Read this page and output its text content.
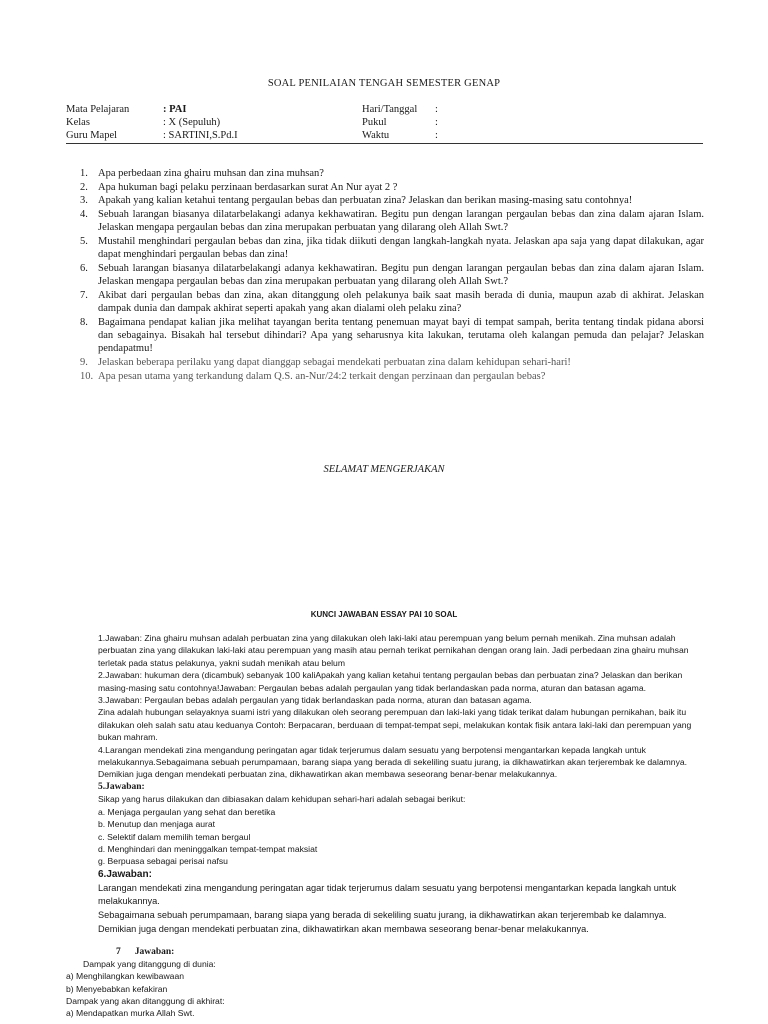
SOAL PENILAIAN TENGAH SEMESTER GENAP
Mata Pelajaran	: PAI	Hari/Tanggal :
Kelas	: X (Sepuluh)	Pukul	:
Guru Mapel	: SARTINI,S.Pd.I	Waktu	:
1. Apa perbedaan zina ghairu muhsan dan zina muhsan?
2. Apa hukuman bagi pelaku perzinaan berdasarkan surat An Nur ayat 2 ?
3. Apakah yang kalian ketahui tentang pergaulan bebas dan perbuatan zina? Jelaskan dan berikan masing-masing satu contohnya!
4. Sebuah larangan biasanya dilatarbelakangi adanya kekhawatiran. Begitu pun dengan larangan pergaulan bebas dan zina dalam ajaran Islam. Jelaskan mengapa pergaulan bebas dan zina merupakan perbuatan yang dilarang oleh Allah Swt.?
5. Mustahil menghindari pergaulan bebas dan zina, jika tidak diikuti dengan langkah-langkah nyata. Jelaskan apa saja yang dapat dilakukan, agar dapat menghindari pergaulan bebas dan zina!
6. Sebuah larangan biasanya dilatarbelakangi adanya kekhawatiran. Begitu pun dengan larangan pergaulan bebas dan zina dalam ajaran Islam. Jelaskan mengapa pergaulan bebas dan zina merupakan perbuatan yang dilarang oleh Allah Swt.?
7. Akibat dari pergaulan bebas dan zina, akan ditanggung oleh pelakunya baik saat masih berada di dunia, maupun azab di akhirat. Jelaskan dampak dunia dan dampak akhirat seperti apakah yang akan dialami oleh pelaku zina?
8. Bagaimana pendapat kalian jika melihat tayangan berita tentang penemuan mayat bayi di tempat sampah, berita tentang tindak pidana aborsi dan sebagainya. Bisakah hal tersebut dihindari? Apa yang seharusnya kita lakukan, terutama oleh kalangan pemuda dan pelajar? Jelaskan pendapatmu!
9. Jelaskan beberapa perilaku yang dapat dianggap sebagai mendekati perbuatan zina dalam kehidupan sehari-hari!
10. Apa pesan utama yang terkandung dalam Q.S. an-Nur/24:2 terkait dengan perzinaan dan pergaulan bebas?
SELAMAT MENGERJAKAN
KUNCI JAWABAN ESSAY PAI 10 SOAL

1.Jawaban: Zina ghairu muhsan adalah perbuatan zina yang dilakukan oleh laki-laki atau perempuan yang belum pernah menikah. Zina muhsan adalah perbuatan zina yang dilakukan laki-laki atau perempuan yang masih atau pernah terikat pernikahan dengan orang lain. Jadi perbedaan zina ghairu muhsan terletak pada status pelakunya, yakni sudah menikah atau belum

2.Jawaban: hukuman dera (dicambuk) sebanyak 100 kaliApakah yang kalian ketahui tentang pergaulan bebas dan perbuatan zina? Jelaskan dan berikan masing-masing satu contohnya!Jawaban: Pergaulan bebas adalah pergaulan yang tidak berlandaskan pada norma, aturan dan batasan agama.

3.Jawaban: Pergaulan bebas adalah pergaulan yang tidak berlandaskan pada norma, aturan dan batasan agama.

Zina adalah hubungan selayaknya suami istri yang dilakukan oleh seorang perempuan dan laki-laki yang tidak terikat dalam hubungan pernikahan, baik itu dilakukan oleh salah satu atau keduanya Contoh: Berpacaran, berduaan di tempat-tempat sepi, melakukan kontak fisik antara laki-laki dan perempuan yang bukan mahram.

4.Larangan mendekati zina mengandung peringatan agar tidak terjerumus dalam sesuatu yang berpotensi mengantarkan kepada langkah untuk melakukannya.Sebagaimana sebuah perumpamaan, barang siapa yang berada di sekeliling suatu jurang, ia dikhawatirkan akan terjerembak ke dalamnya. Demikian juga dengan mendekati perbuatan zina, dikhawatirkan akan membawa seseorang benar-benar melakukannya.

5.Jawaban:

Sikap yang harus dilakukan dan dibiasakan dalam kehidupan sehari-hari adalah sebagai berikut:

a. Menjaga pergaulan yang sehat dan beretika

b. Menutup dan menjaga aurat

c. Selektif dalam memilih teman bergaul

d. Menghindari dan meninggalkan tempat-tempat maksiat

g. Berpuasa sebagai perisai nafsu

6.Jawaban:

Larangan mendekati zina mengandung peringatan agar tidak terjerumus dalam sesuatu yang berpotensi mengantarkan kepada langkah untuk melakukannya.

Sebagaimana sebuah perumpamaan, barang siapa yang berada di sekeliling suatu jurang, ia dikhawatirkan akan terjerembab ke dalamnya. Demikian juga dengan mendekati perbuatan zina, dikhawatirkan akan membawa seseorang benar-benar melakukannya.

7 Jawaban:

Dampak yang ditanggung di dunia:

a) Menghilangkan kewibawaan

b) Menyebabkan kefakiran

Dampak yang akan ditanggung di akhirat:

a) Mendapatkan murka Allah Swt.
